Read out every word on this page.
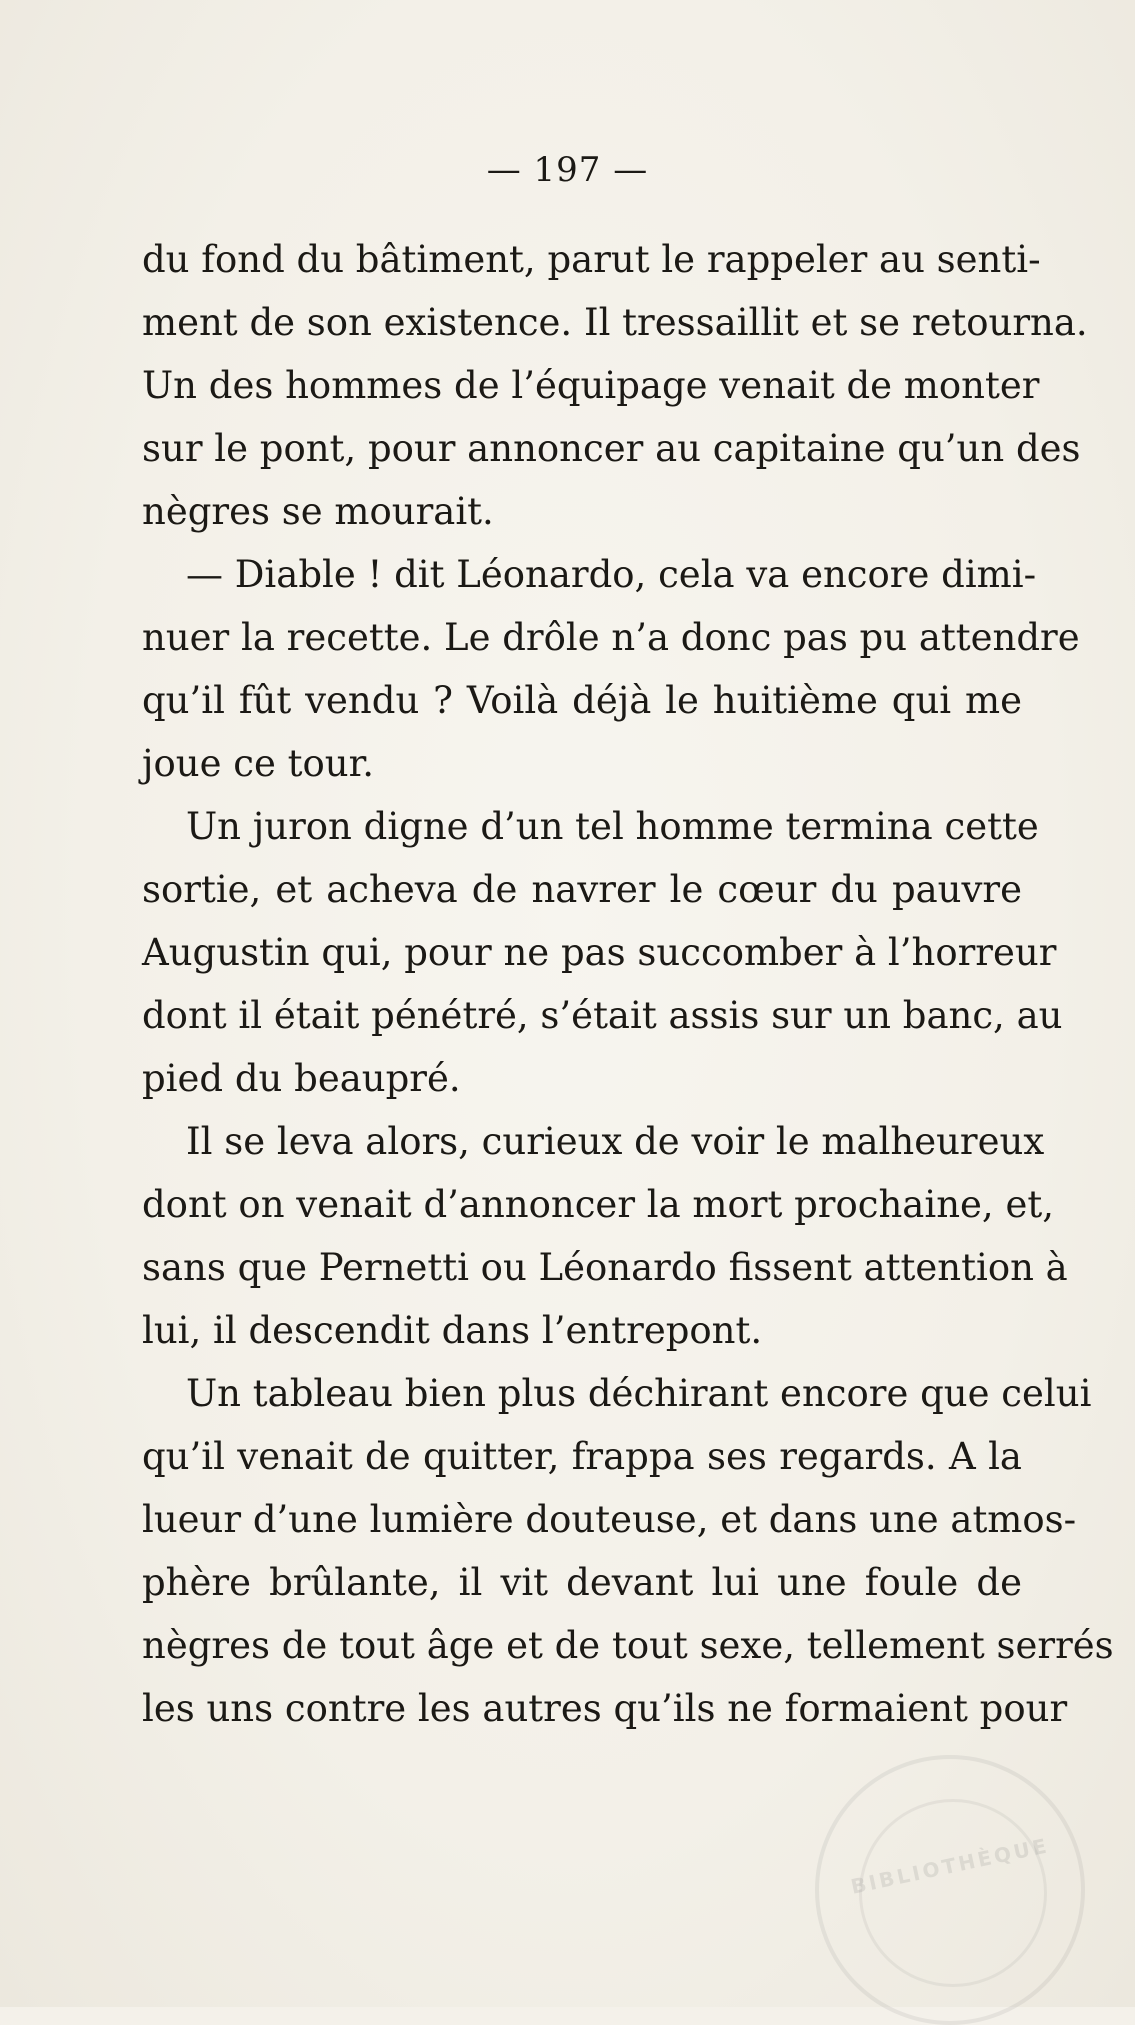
— 197 —
du fond du bâtiment, parut le rappeler au senti-
ment de son existence. Il tressaillit et se retourna.
Un des hommes de l’équipage venait de monter
sur le pont, pour annoncer au capitaine qu’un des
nègres se mourait.
— Diable ! dit Léonardo, cela va encore dimi-
nuer la recette. Le drôle n’a donc pas pu attendre
qu’il fût vendu ? Voilà déjà le huitième qui me
joue ce tour.
Un juron digne d’un tel homme termina cette
sortie, et acheva de navrer le cœur du pauvre
Augustin qui, pour ne pas succomber à l’horreur
dont il était pénétré, s’était assis sur un banc, au
pied du beaupré.
Il se leva alors, curieux de voir le malheureux
dont on venait d’annoncer la mort prochaine, et,
sans que Pernetti ou Léonardo fissent attention à
lui, il descendit dans l’entrepont.
Un tableau bien plus déchirant encore que celui
qu’il venait de quitter, frappa ses regards. A la
lueur d’une lumière douteuse, et dans une atmos-
phère brûlante, il vit devant lui une foule de
nègres de tout âge et de tout sexe, tellement serrés
les uns contre les autres qu’ils ne formaient pour
BIBLIOTHÈQUE
